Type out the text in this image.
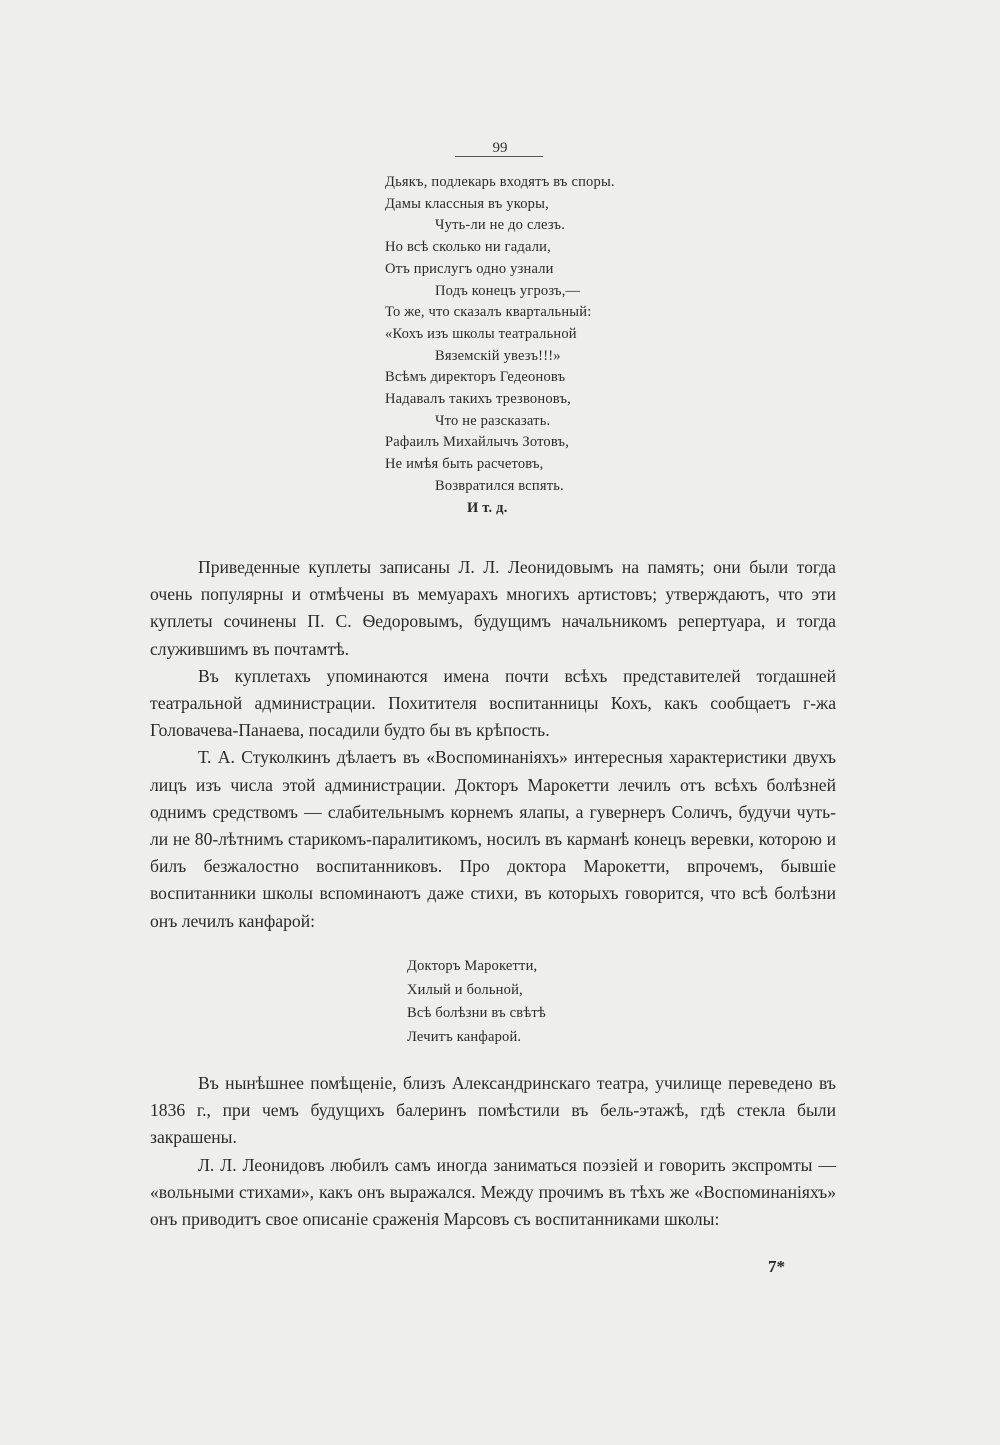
99
Дьякъ, подлекарь входятъ въ споры.
Дамы классныя въ укоры,
Чуть-ли не до слезъ.
Но всѣ сколько ни гадали,
Отъ прислугъ одно узнали
Подъ конецъ угрозъ,—
То же, что сказалъ квартальный:
«Кохъ изъ школы театральной
Вяземскій увезъ!!!»
Всѣмъ директоръ Гедеоновъ
Надавалъ такихъ трезвоновъ,
Что не разсказать.
Рафаилъ Михайлычъ Зотовъ,
Не имѣя быть расчетовъ,
Возвратился вспять.
И т. д.

Приведенные куплеты записаны Л. Л. Леонидовымъ на память; они были тогда очень популярны и отмѣчены въ мемуарахъ многихъ артистовъ; утверждаютъ, что эти куплеты сочинены П. С. Ѳедоровымъ, будущимъ начальникомъ репертуара, и тогда служившимъ въ почтамтѣ.

Въ куплетахъ упоминаются имена почти всѣхъ представителей тогдашней театральной администрации. Похитителя воспитанницы Кохъ, какъ сообщаетъ г-жа Головачева-Панаева, посадили будто бы въ крѣпость.

Т. А. Стуколкинъ дѣлаетъ въ «Воспоминаніяхъ» интересныя характеристики двухъ лицъ изъ числа этой администрации. Докторъ Марокетти лечилъ отъ всѣхъ болѣзней однимъ средствомъ — слабительнымъ корнемъ ялапы, а гувернеръ Соличъ, будучи чуть-ли не 80-лѣтнимъ старикомъ-паралитикомъ, носилъ въ карманѣ конецъ веревки, которою и билъ безжалостно воспитанниковъ. Про доктора Марокетти, впрочемъ, бывшіе воспитанники школы вспоминаютъ даже стихи, въ которыхъ говорится, что всѣ болѣзни онъ лечилъ канфарой:

Докторъ Марокетти,
Хилый и больной,
Всѣ болѣзни въ свѣтѣ
Лечитъ канфарой.

Въ нынѣшнее помѣщеніе, близъ Александринскаго театра, училище переведено въ 1836 г., при чемъ будущихъ балеринъ помѣстили въ бель-этажѣ, гдѣ стекла были закрашены.

Л. Л. Леонидовъ любилъ самъ иногда заниматься поэзіей и говорить экспромты — «вольными стихами», какъ онъ выражался. Между прочимъ въ тѣхъ же «Воспоминаніяхъ» онъ приводитъ свое описаніе сраженія Марсовъ съ воспитанниками школы:

7*
